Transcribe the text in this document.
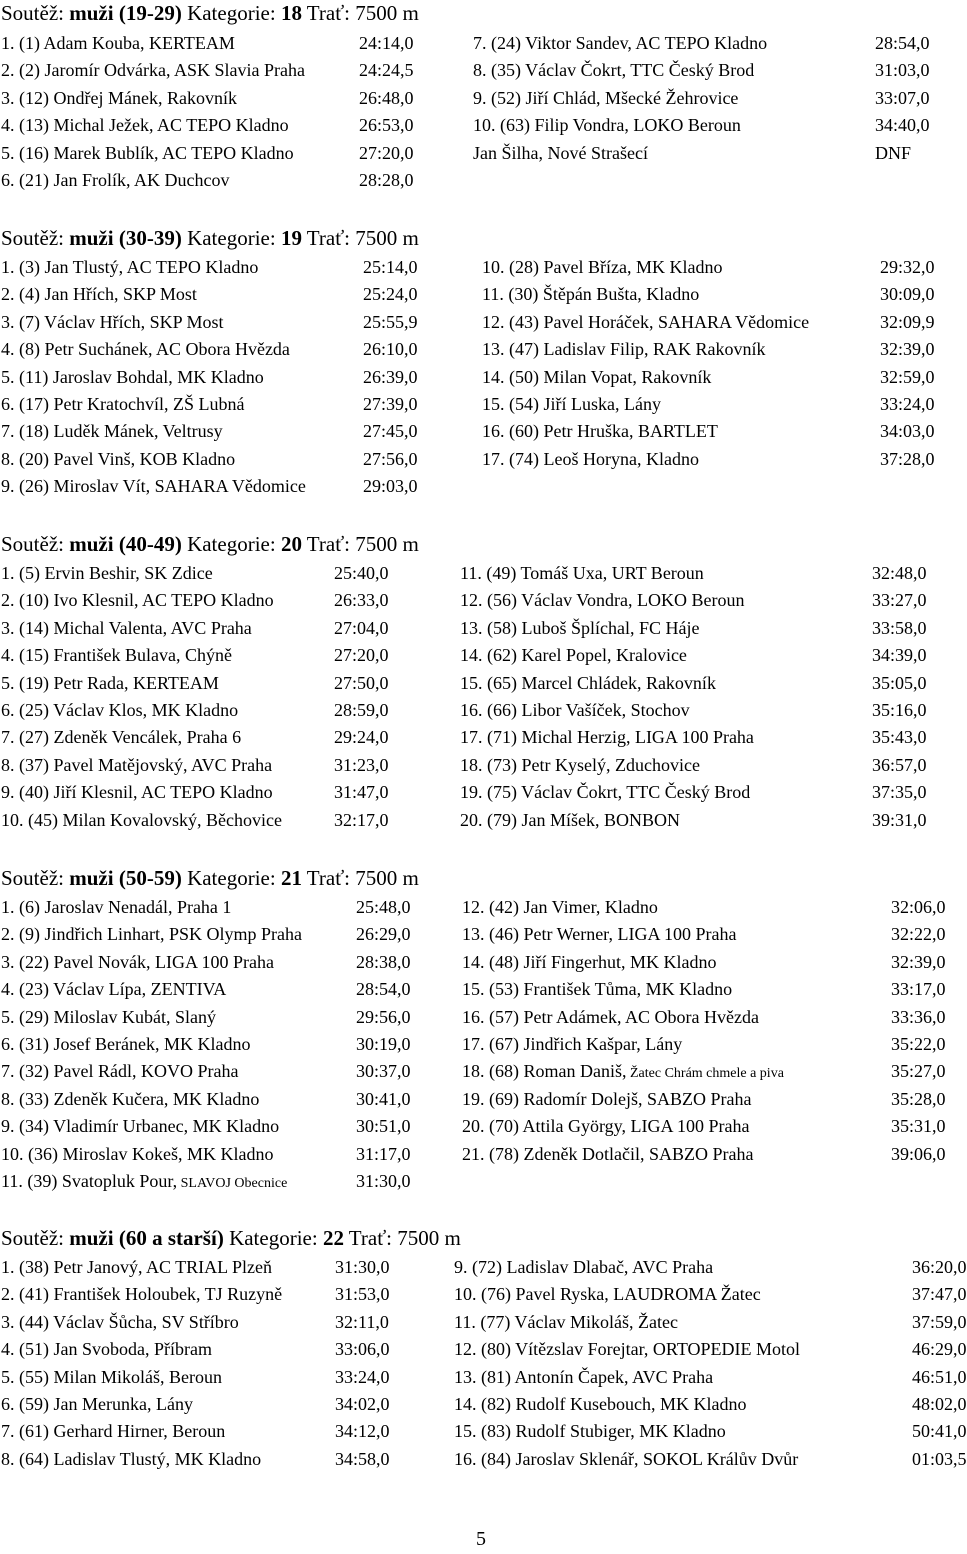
Soutěž: muži (19-29) Kategorie: 18 Trať: 7500 m
1. (1) Adam Kouba, KERTEAM	24:14,0
2. (2) Jaromír Odvárka, ASK Slavia Praha	24:24,5
3. (12) Ondřej Mánek, Rakovník	26:48,0
4. (13) Michal Ježek, AC TEPO Kladno	26:53,0
5. (16) Marek Bublík, AC TEPO Kladno	27:20,0
6. (21) Jan Frolík, AK Duchcov	28:28,0
7. (24) Viktor Sandev, AC TEPO Kladno	28:54,0
8. (35) Václav Čokrt, TTC Český Brod	31:03,0
9. (52) Jiří Chlád, Mšecké Žehrovice	33:07,0
10. (63) Filip Vondra, LOKO Beroun	34:40,0
Jan Šilha, Nové Strašecí	DNF
Soutěž: muži (30-39) Kategorie: 19 Trať: 7500 m
1. (3) Jan Tlustý, AC TEPO Kladno	25:14,0
2. (4) Jan Hřích, SKP Most	25:24,0
3. (7) Václav Hřích, SKP Most	25:55,9
4. (8) Petr Suchánek, AC Obora Hvězda	26:10,0
5. (11) Jaroslav Bohdal, MK Kladno	26:39,0
6. (17) Petr Kratochvíl, ZŠ Lubná	27:39,0
7. (18) Luděk Mánek, Veltrusy	27:45,0
8. (20) Pavel Vinš, KOB Kladno	27:56,0
9. (26) Miroslav Vít, SAHARA Vědomice	29:03,0
10. (28) Pavel Bříza, MK Kladno	29:32,0
11. (30) Štěpán Bušta, Kladno	30:09,0
12. (43) Pavel Horáček, SAHARA Vědomice	32:09,9
13. (47) Ladislav Filip, RAK Rakovník	32:39,0
14. (50) Milan Vopat, Rakovník	32:59,0
15. (54) Jiří Luska, Lány	33:24,0
16. (60) Petr Hruška, BARTLET	34:03,0
17. (74) Leoš Horyna, Kladno	37:28,0
Soutěž: muži (40-49) Kategorie: 20 Trať: 7500 m
1. (5) Ervin Beshir, SK Zdice	25:40,0
2. (10) Ivo Klesnil, AC TEPO Kladno	26:33,0
3. (14) Michal Valenta, AVC Praha	27:04,0
4. (15) František Bulava, Chýně	27:20,0
5. (19) Petr Rada, KERTEAM	27:50,0
6. (25) Václav Klos, MK Kladno	28:59,0
7. (27) Zdeněk Vencálek, Praha 6	29:24,0
8. (37) Pavel Matějovský, AVC Praha	31:23,0
9. (40) Jiří Klesnil, AC TEPO Kladno	31:47,0
10. (45) Milan Kovalovský, Běchovice	32:17,0
11. (49) Tomáš Uxa, URT Beroun	32:48,0
12. (56) Václav Vondra, LOKO Beroun	33:27,0
13. (58) Luboš Šplíchal, FC Háje	33:58,0
14. (62) Karel Popel, Kralovice	34:39,0
15. (65) Marcel Chládek, Rakovník	35:05,0
16. (66) Libor Vašíček, Stochov	35:16,0
17. (71) Michal Herzig, LIGA 100 Praha	35:43,0
18. (73) Petr Kyselý, Zduchovice	36:57,0
19. (75) Václav Čokrt, TTC Český Brod	37:35,0
20. (79) Jan Míšek, BONBON	39:31,0
Soutěž: muži (50-59) Kategorie: 21 Trať: 7500 m
1. (6) Jaroslav Nenadál, Praha 1	25:48,0
2. (9) Jindřich Linhart, PSK Olymp Praha	26:29,0
3. (22) Pavel Novák, LIGA 100 Praha	28:38,0
4. (23) Václav Lípa, ZENTIVA	28:54,0
5. (29) Miloslav Kubát, Slaný	29:56,0
6. (31) Josef Beránek, MK Kladno	30:19,0
7. (32) Pavel Rádl, KOVO Praha	30:37,0
8. (33) Zdeněk Kučera, MK Kladno	30:41,0
9. (34) Vladimír Urbanec, MK Kladno	30:51,0
10. (36) Miroslav Kokeš, MK Kladno	31:17,0
11. (39) Svatopluk Pour, SLAVOJ Obecnice	31:30,0
12. (42) Jan Vimer, Kladno	32:06,0
13. (46) Petr Werner, LIGA 100 Praha	32:22,0
14. (48) Jiří Fingerhut, MK Kladno	32:39,0
15. (53) František Tůma, MK Kladno	33:17,0
16. (57) Petr Adámek, AC Obora Hvězda	33:36,0
17. (67) Jindřich Kašpar, Lány	35:22,0
18. (68) Roman Daniš, Žatec Chrám chmele a piva	35:27,0
19. (69) Radomír Dolejš, SABZO Praha	35:28,0
20. (70) Attila György, LIGA 100 Praha	35:31,0
21. (78) Zdeněk Dotlačil, SABZO Praha	39:06,0
Soutěž: muži (60 a starší) Kategorie: 22 Trať: 7500 m
1. (38) Petr Janový, AC TRIAL Plzeň	31:30,0
2. (41) František Holoubek, TJ Ruzyně	31:53,0
3. (44) Václav Šůcha, SV Stříbro	32:11,0
4. (51) Jan Svoboda, Příbram	33:06,0
5. (55) Milan Mikoláš, Beroun	33:24,0
6. (59) Jan Merunka, Lány	34:02,0
7. (61) Gerhard Hirner, Beroun	34:12,0
8. (64) Ladislav Tlustý, MK Kladno	34:58,0
9. (72) Ladislav Dlabač, AVC Praha	36:20,0
10. (76) Pavel Ryska, LAUDROMA Žatec	37:47,0
11. (77) Václav Mikoláš, Žatec	37:59,0
12. (80) Vítězslav Forejtar, ORTOPEDIE Motol	46:29,0
13. (81) Antonín Čapek, AVC Praha	46:51,0
14. (82) Rudolf Kusebouch, MK Kladno	48:02,0
15. (83) Rudolf Stubiger, MK Kladno	50:41,0
16. (84) Jaroslav Sklenář, SOKOL Králův Dvůr	01:03,5
5
